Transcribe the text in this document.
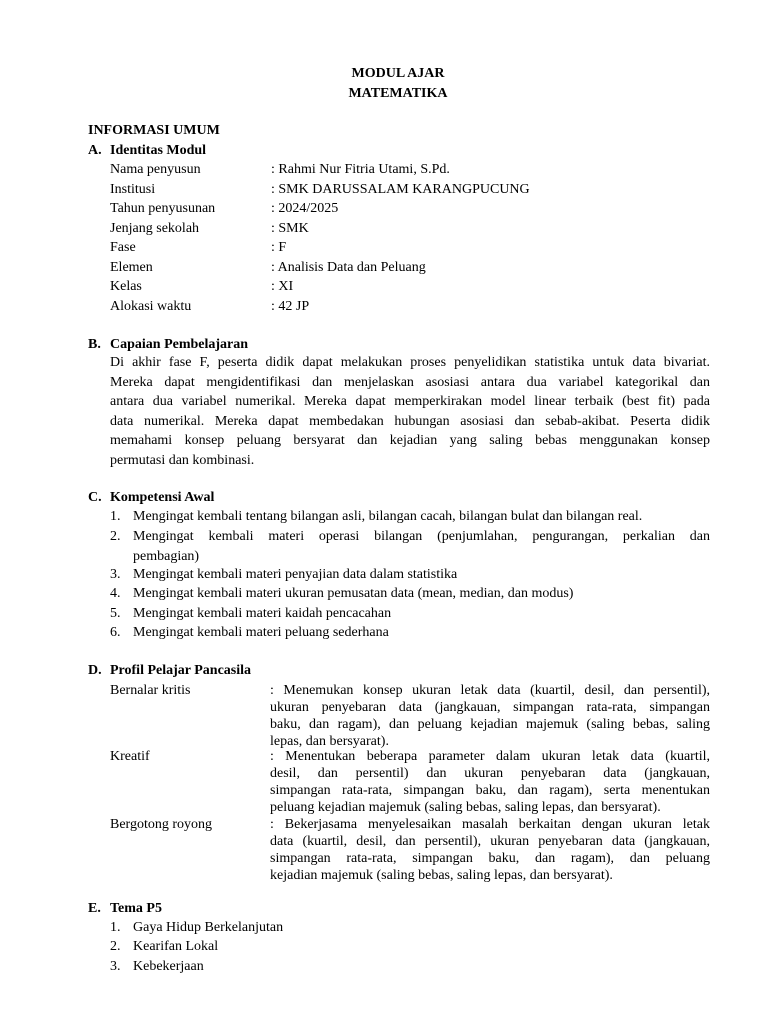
MODUL AJAR
MATEMATIKA
INFORMASI UMUM
A. Identitas Modul
Nama penyusun	: Rahmi Nur Fitria Utami, S.Pd.
Institusi	: SMK DARUSSALAM KARANGPUCUNG
Tahun penyusunan	: 2024/2025
Jenjang sekolah	: SMK
Fase	: F
Elemen	: Analisis Data dan Peluang
Kelas	: XI
Alokasi waktu	: 42 JP
B. Capaian Pembelajaran
Di akhir fase F, peserta didik dapat melakukan proses penyelidikan statistika untuk data bivariat.
Mereka dapat mengidentifikasi dan menjelaskan asosiasi antara dua variabel kategorikal dan
antara dua variabel numerikal. Mereka dapat memperkirakan model linear terbaik (best fit) pada
data numerikal. Mereka dapat membedakan hubungan asosiasi dan sebab-akibat. Peserta didik
memahami konsep peluang bersyarat dan kejadian yang saling bebas menggunakan konsep
permutasi dan kombinasi.
C. Kompetensi Awal
1. Mengingat kembali tentang bilangan asli, bilangan cacah, bilangan bulat dan bilangan real.
2. Mengingat kembali materi operasi bilangan (penjumlahan, pengurangan, perkalian dan
pembagian)
3. Mengingat kembali materi penyajian data dalam statistika
4. Mengingat kembali materi ukuran pemusatan data (mean, median, dan modus)
5. Mengingat kembali materi kaidah pencacahan
6. Mengingat kembali materi peluang sederhana
D. Profil Pelajar Pancasila
Bernalar kritis	: Menemukan konsep ukuran letak data (kuartil, desil, dan persentil),
ukuran penyebaran data (jangkauan, simpangan rata-rata, simpangan
baku, dan ragam), dan peluang kejadian majemuk (saling bebas, saling
lepas, dan bersyarat).
Kreatif	: Menentukan beberapa parameter dalam ukuran letak data (kuartil,
desil, dan persentil) dan ukuran penyebaran data (jangkauan,
simpangan rata-rata, simpangan baku, dan ragam), serta menentukan
peluang kejadian majemuk (saling bebas, saling lepas, dan bersyarat).
Bergotong royong	: Bekerjasama menyelesaikan masalah berkaitan dengan ukuran letak
data (kuartil, desil, dan persentil), ukuran penyebaran data (jangkauan,
simpangan rata-rata, simpangan baku, dan ragam), dan peluang
kejadian majemuk (saling bebas, saling lepas, dan bersyarat).
E. Tema P5
1. Gaya Hidup Berkelanjutan
2. Kearifan Lokal
3. Kebekerjaan
